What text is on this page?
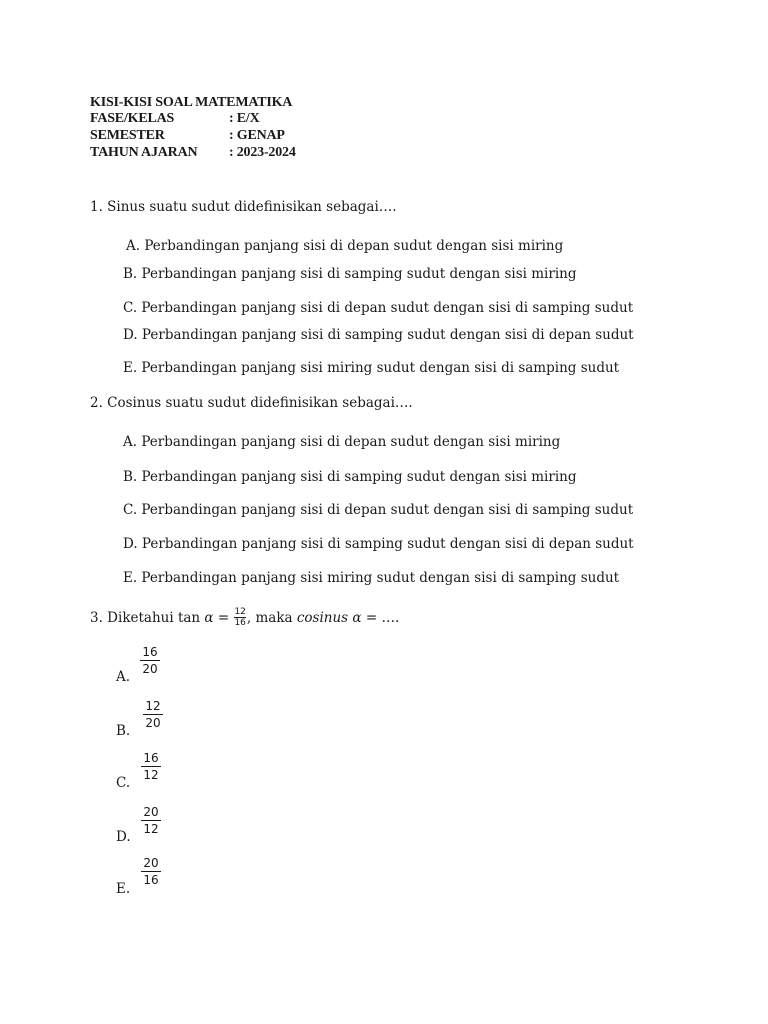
KISI-KISI SOAL MATEMATIKA
FASE/KELAS	: E/X
SEMESTER	: GENAP
TAHUN AJARAN : 2023-2024
1. Sinus suatu sudut didefinisikan sebagai….
A. Perbandingan panjang sisi di depan sudut dengan sisi miring
B. Perbandingan panjang sisi di samping sudut dengan sisi miring
C. Perbandingan panjang sisi di depan sudut dengan sisi di samping sudut
D. Perbandingan panjang sisi di samping sudut dengan sisi di depan sudut
E. Perbandingan panjang sisi miring sudut dengan sisi di samping sudut
2. Cosinus suatu sudut didefinisikan sebagai….
A. Perbandingan panjang sisi di depan sudut dengan sisi miring
B. Perbandingan panjang sisi di samping sudut dengan sisi miring
C. Perbandingan panjang sisi di depan sudut dengan sisi di samping sudut
D. Perbandingan panjang sisi di samping sudut dengan sisi di depan sudut
E. Perbandingan panjang sisi miring sudut dengan sisi di samping sudut
3. Diketahui $\tan \alpha = \frac{12}{16}$ , maka cosinus α = ….
A.
16
20
B.
12
20
C.
16
12
D.
20
12
E.
20
16
